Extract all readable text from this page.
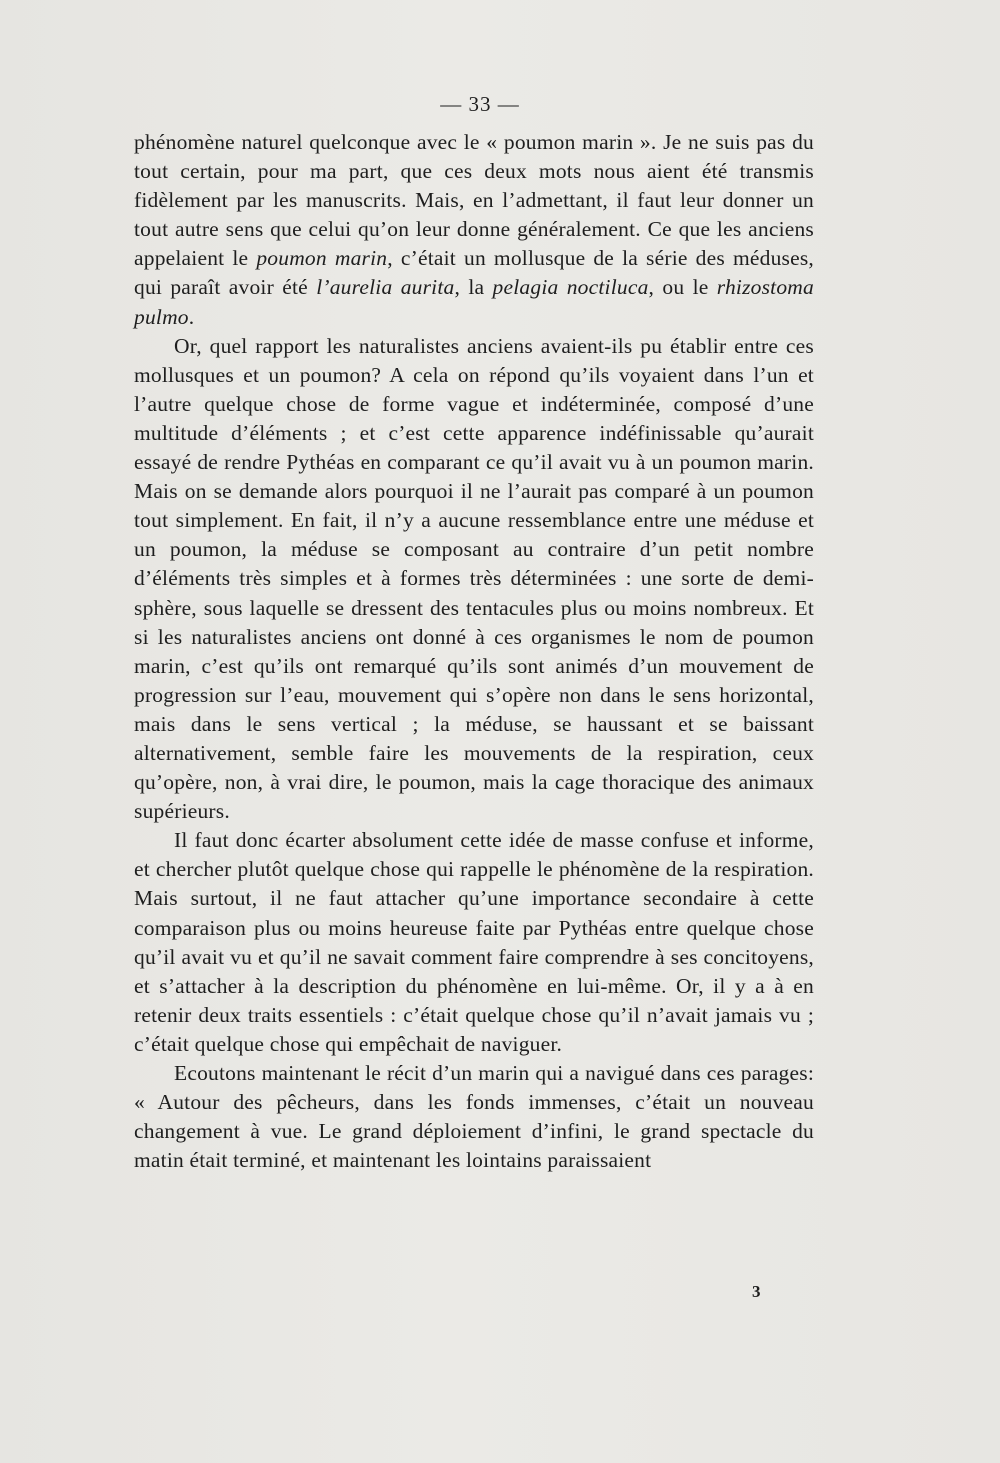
— 33 —

phénomène naturel quelconque avec le « poumon marin ». Je ne suis pas du tout certain, pour ma part, que ces deux mots nous aient été transmis fidèlement par les manuscrits. Mais, en l’admettant, il faut leur donner un tout autre sens que celui qu’on leur donne généralement. Ce que les anciens appelaient le poumon marin, c’était un mollusque de la série des méduses, qui paraît avoir été l’aurelia aurita, la pelagia noctiluca, ou le rhizostoma pulmo.

Or, quel rapport les naturalistes anciens avaient-ils pu établir entre ces mollusques et un poumon? A cela on répond qu’ils voyaient dans l’un et l’autre quelque chose de forme vague et indéterminée, composé d’une multitude d’éléments ; et c’est cette apparence indéfinissable qu’aurait essayé de rendre Pythéas en comparant ce qu’il avait vu à un poumon marin. Mais on se demande alors pourquoi il ne l’aurait pas comparé à un poumon tout simplement. En fait, il n’y a aucune ressemblance entre une méduse et un poumon, la méduse se composant au contraire d’un petit nombre d’éléments très simples et à formes très déterminées : une sorte de demi-sphère, sous laquelle se dressent des tentacules plus ou moins nombreux. Et si les naturalistes anciens ont donné à ces organismes le nom de poumon marin, c’est qu’ils ont remarqué qu’ils sont animés d’un mouvement de progression sur l’eau, mouvement qui s’opère non dans le sens horizontal, mais dans le sens vertical ; la méduse, se haussant et se baissant alternativement, semble faire les mouvements de la respiration, ceux qu’opère, non, à vrai dire, le poumon, mais la cage thoracique des animaux supérieurs.

Il faut donc écarter absolument cette idée de masse confuse et informe, et chercher plutôt quelque chose qui rappelle le phénomène de la respiration. Mais surtout, il ne faut attacher qu’une importance secondaire à cette comparaison plus ou moins heureuse faite par Pythéas entre quelque chose qu’il avait vu et qu’il ne savait comment faire comprendre à ses concitoyens, et s’attacher à la description du phénomène en lui-même. Or, il y a à en retenir deux traits essentiels : c’était quelque chose qu’il n’avait jamais vu ; c’était quelque chose qui empêchait de naviguer.

Ecoutons maintenant le récit d’un marin qui a navigué dans ces parages: « Autour des pêcheurs, dans les fonds immenses, c’était un nouveau changement à vue. Le grand déploiement d’infini, le grand spectacle du matin était terminé, et maintenant les lointains paraissaient

3
